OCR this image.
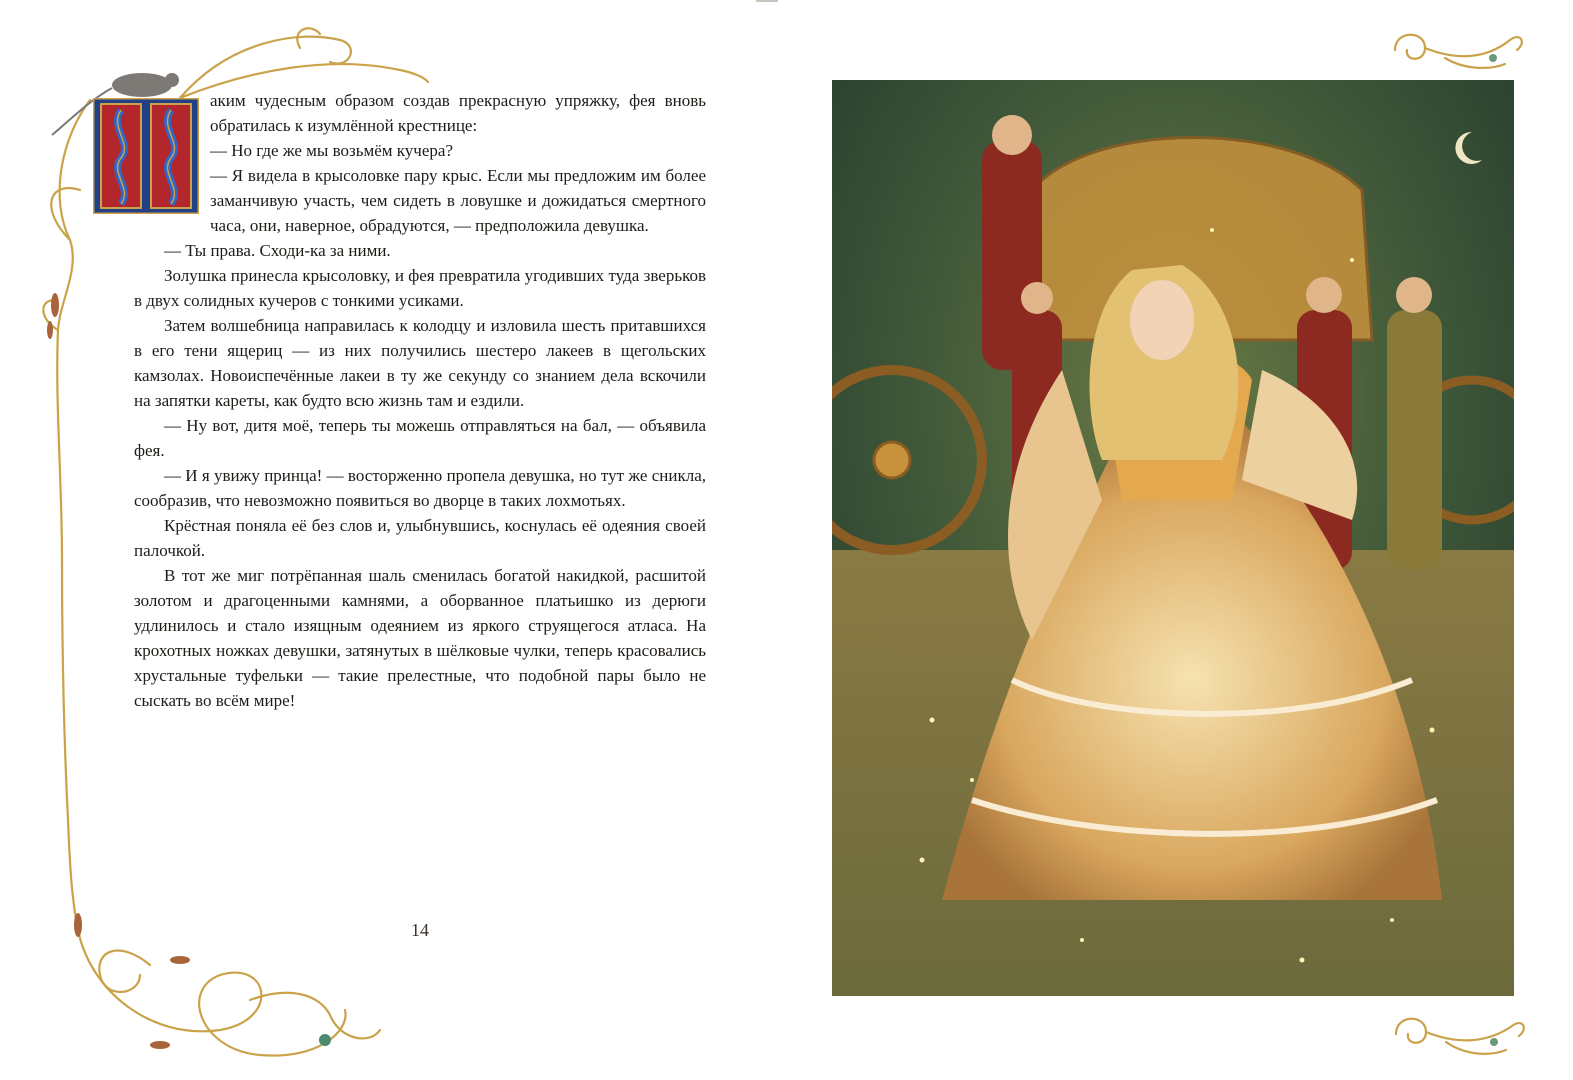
аким чудесным образом создав прекрасную упряжку, фея вновь обратилась к изумлённой крестнице:

— Но где же мы возьмём кучера?

— Я видела в крысоловке пару крыс. Если мы предложим им более заманчивую участь, чем сидеть в ловушке и дожидаться смертного часа, они, наверное, обрадуются, — предположила девушка.

— Ты права. Сходи-ка за ними.

Золушка принесла крысоловку, и фея превратила угодивших туда зверьков в двух солидных кучеров с тонкими усиками.

Затем волшебница направилась к колодцу и изловила шесть притавшихся в его тени ящериц — из них получились шестеро лакеев в щегольских камзолах. Новоиспечённые лакеи в ту же секунду со знанием дела вскочили на запятки кареты, как будто всю жизнь там и ездили.

— Ну вот, дитя моё, теперь ты можешь отправляться на бал, — объявила фея.

— И я увижу принца! — восторженно пропела девушка, но тут же сникла, сообразив, что невозможно появиться во дворце в таких лохмотьях.

Крёстная поняла её без слов и, улыбнувшись, коснулась её одеяния своей палочкой.

В тот же миг потрёпанная шаль сменилась богатой накидкой, расшитой золотом и драгоценными камнями, а оборванное платьишко из дерюги удлинилось и стало изящным одеянием из яркого струящегося атласа. На крохотных ножках девушки, затянутых в шёлковые чулки, теперь красовались хрустальные туфельки — такие прелестные, что подобной пары было не сыскать во всём мире!

14
